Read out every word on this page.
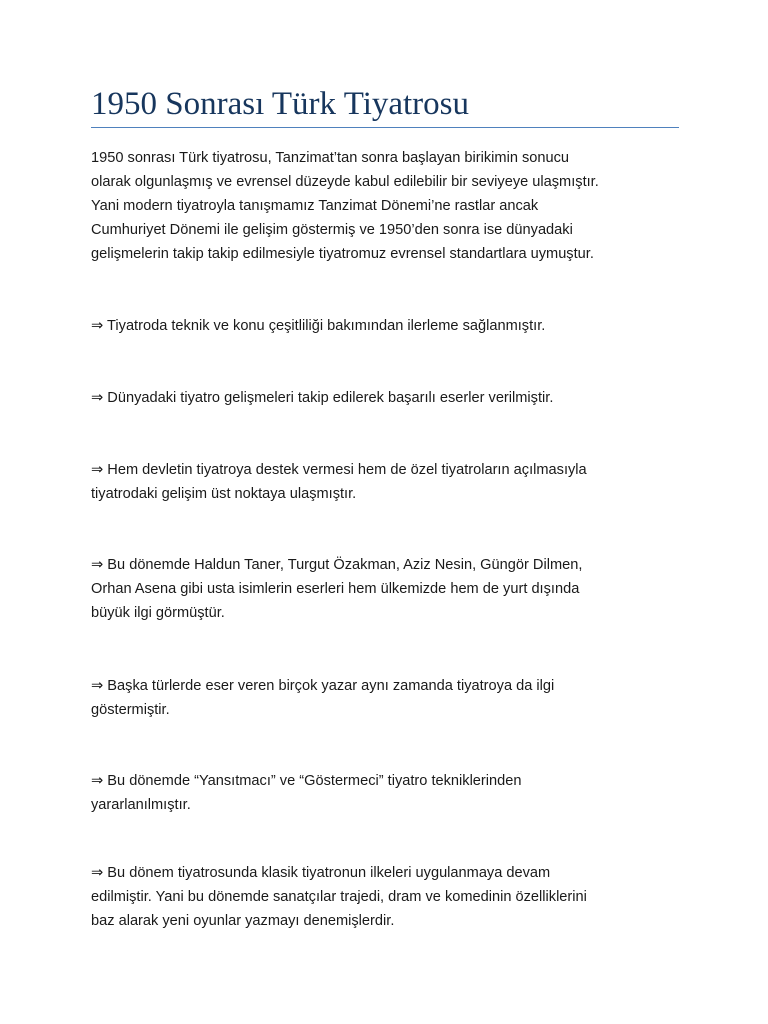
1950 Sonrası Türk Tiyatrosu

1950 sonrası Türk tiyatrosu, Tanzimat’tan sonra başlayan birikimin sonucu
olarak olgunlaşmış ve evrensel düzeyde kabul edilebilir bir seviyeye ulaşmıştır.
Yani modern tiyatroyla tanışmamız Tanzimat Dönemi’ne rastlar ancak
Cumhuriyet Dönemi ile gelişim göstermiş ve 1950’den sonra ise dünyadaki
gelişmelerin takip takip edilmesiyle tiyatromuz evrensel standartlara uymuştur.

⇒ Tiyatroda teknik ve konu çeşitliliği bakımından ilerleme sağlanmıştır.

⇒ Dünyadaki tiyatro gelişmeleri takip edilerek başarılı eserler verilmiştir.

⇒ Hem devletin tiyatroya destek vermesi hem de özel tiyatroların açılmasıyla
tiyatrodaki gelişim üst noktaya ulaşmıştır.

⇒ Bu dönemde Haldun Taner, Turgut Özakman, Aziz Nesin, Güngör Dilmen,
Orhan Asena gibi usta isimlerin eserleri hem ülkemizde hem de yurt dışında
büyük ilgi görmüştür.

⇒ Başka türlerde eser veren birçok yazar aynı zamanda tiyatroya da ilgi
göstermiştir.

⇒ Bu dönemde “Yansıtmacı” ve “Göstermeci” tiyatro tekniklerinden
yararlanılmıştır.

⇒ Bu dönem tiyatrosunda klasik tiyatronun ilkeleri uygulanmaya devam
edilmiştir. Yani bu dönemde sanatçılar trajedi, dram ve komedinin özelliklerini
baz alarak yeni oyunlar yazmayı denemişlerdir.
